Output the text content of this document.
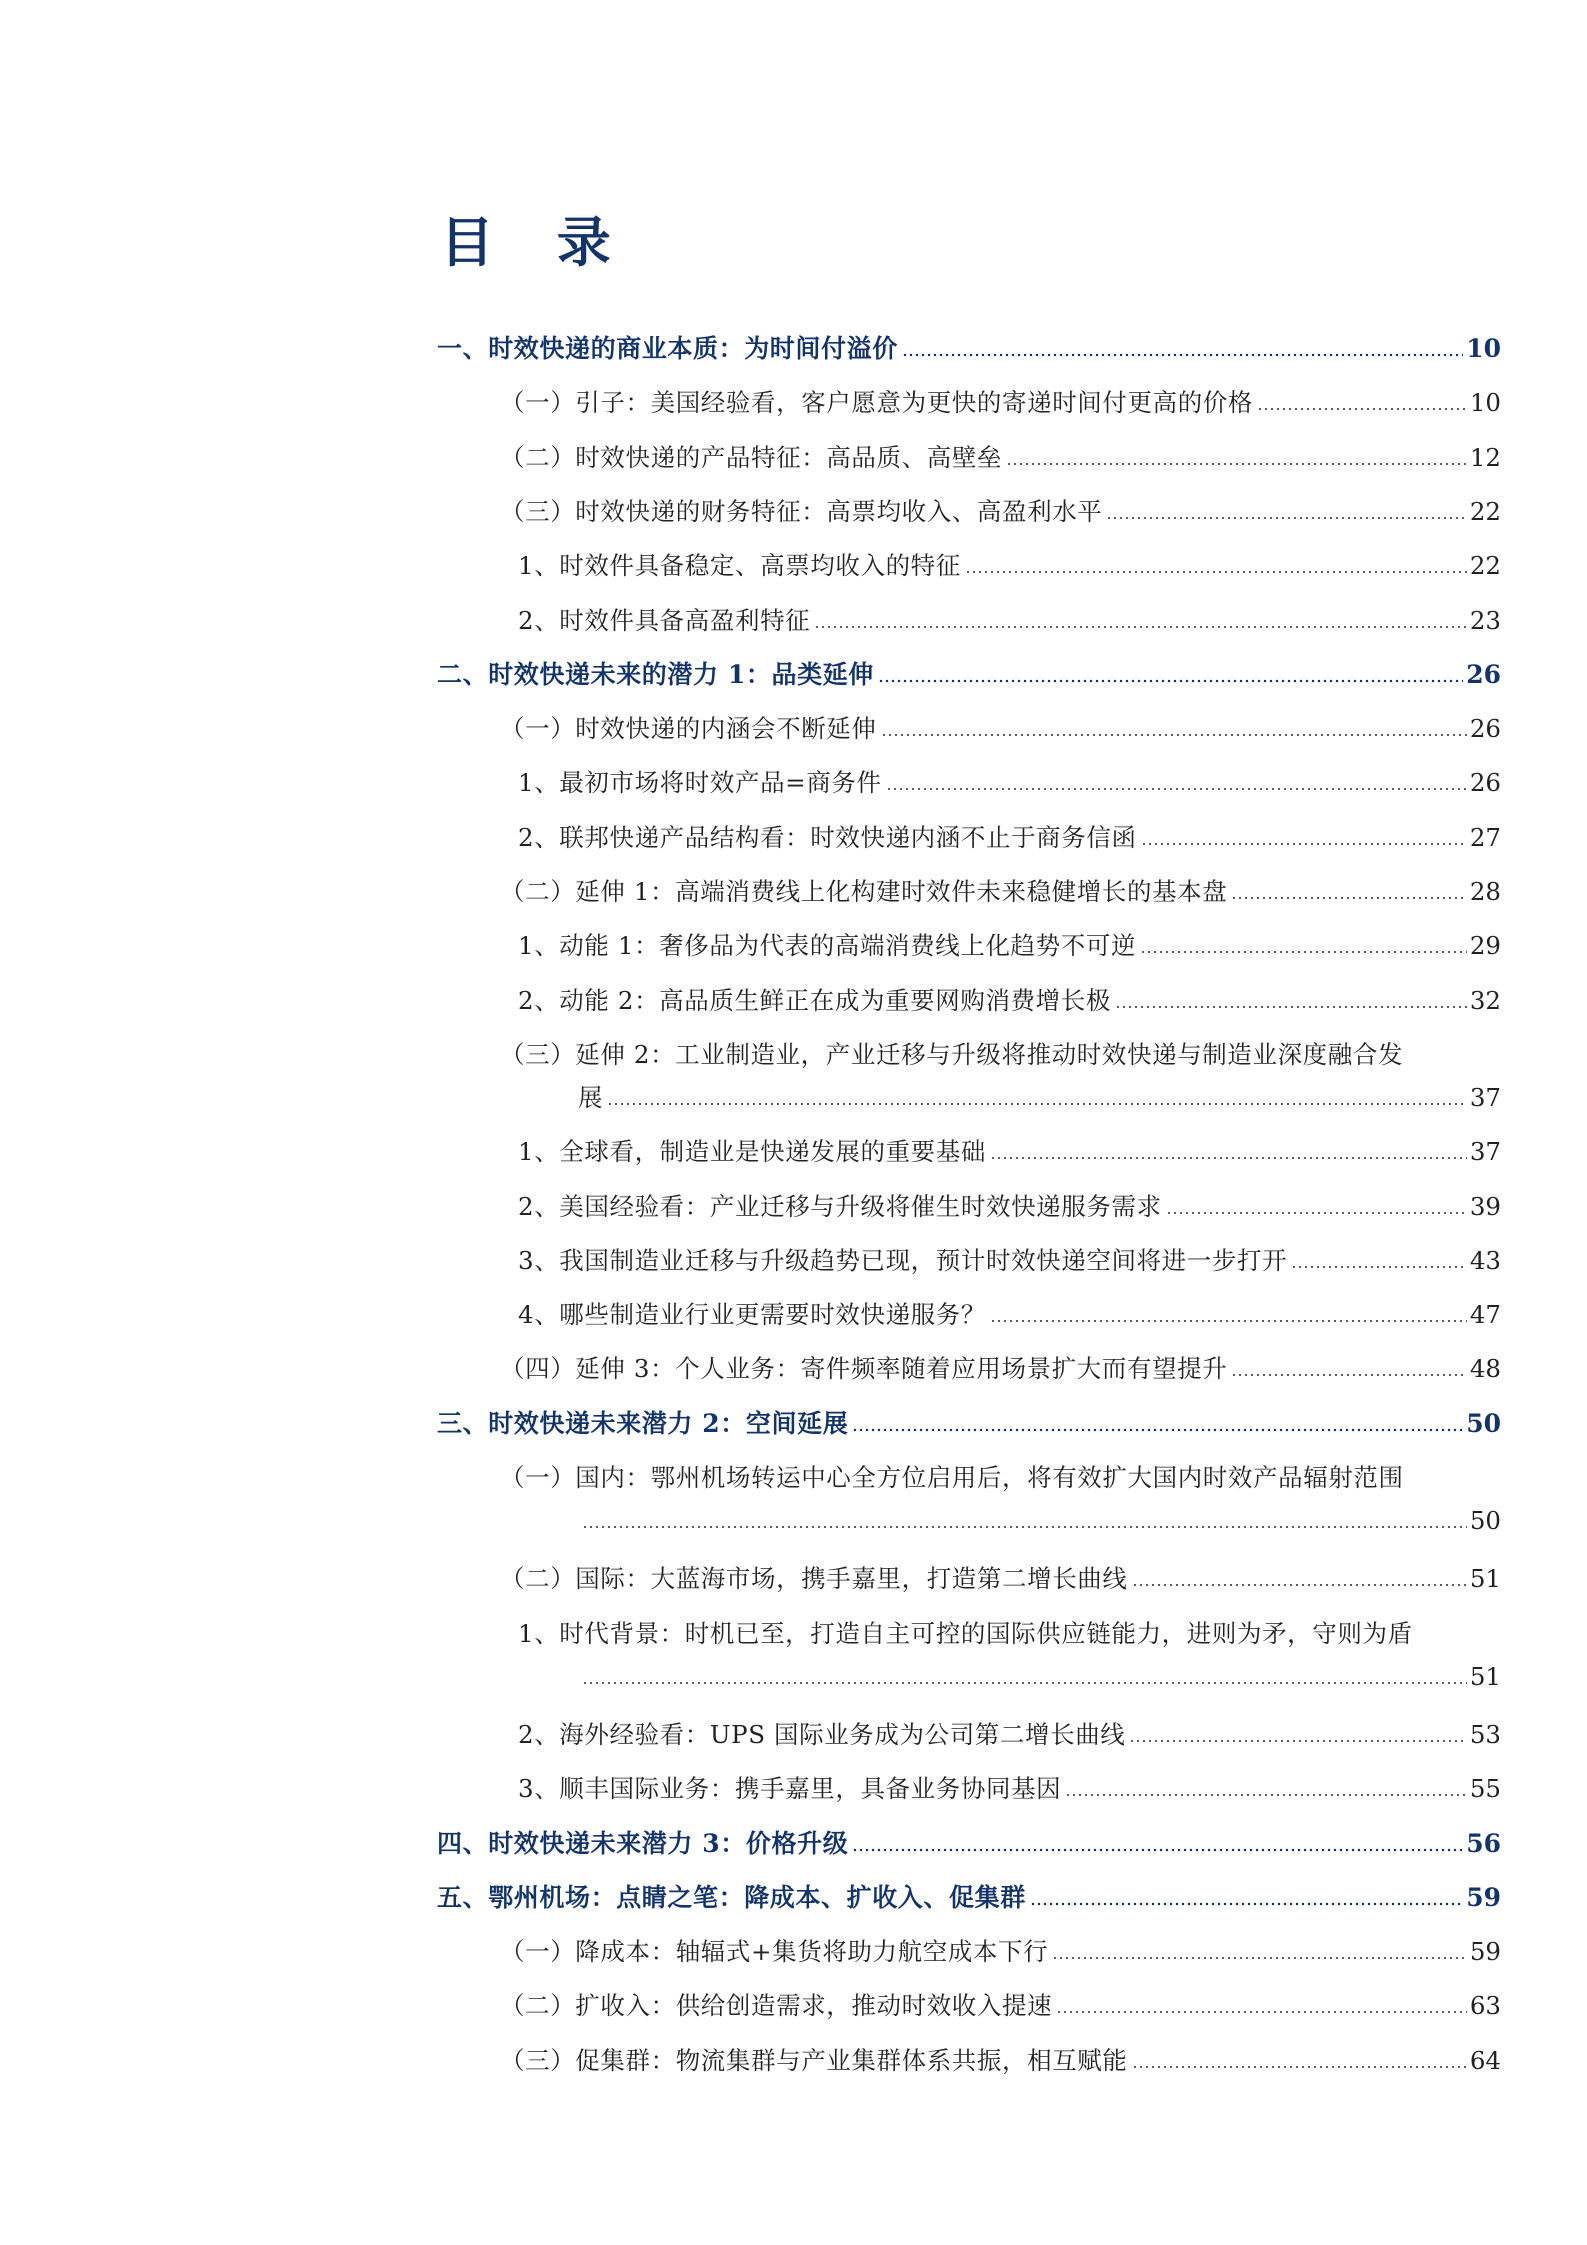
目 录
一、时效快递的商业本质：为时间付溢价	10
（一）引子：美国经验看，客户愿意为更快的寄递时间付更高的价格	10
（二）时效快递的产品特征：高品质、高壁垒	12
（三）时效快递的财务特征：高票均收入、高盈利水平	22
1、时效件具备稳定、高票均收入的特征	22
2、时效件具备高盈利特征	23
二、时效快递未来的潜力 1：品类延伸	26
（一）时效快递的内涵会不断延伸	26
1、最初市场将时效产品=商务件	26
2、联邦快递产品结构看：时效快递内涵不止于商务信函	27
（二）延伸 1：高端消费线上化构建时效件未来稳健增长的基本盘	28
1、动能 1：奢侈品为代表的高端消费线上化趋势不可逆	29
2、动能 2：高品质生鲜正在成为重要网购消费增长极	32
（三）延伸 2：工业制造业，产业迁移与升级将推动时效快递与制造业深度融合发
展	37
1、全球看，制造业是快递发展的重要基础	37
2、美国经验看：产业迁移与升级将催生时效快递服务需求	39
3、我国制造业迁移与升级趋势已现，预计时效快递空间将进一步打开	43
4、哪些制造业行业更需要时效快递服务？	47
（四）延伸 3：个人业务：寄件频率随着应用场景扩大而有望提升	48
三、时效快递未来潜力 2：空间延展	50
（一）国内：鄂州机场转运中心全方位启用后，将有效扩大国内时效产品辐射范围
50
（二）国际：大蓝海市场，携手嘉里，打造第二增长曲线	51
1、时代背景：时机已至，打造自主可控的国际供应链能力，进则为矛，守则为盾
51
2、海外经验看：UPS 国际业务成为公司第二增长曲线	53
3、顺丰国际业务：携手嘉里，具备业务协同基因	55
四、时效快递未来潜力 3：价格升级	56
五、鄂州机场：点睛之笔：降成本、扩收入、促集群	59
（一）降成本：轴辐式+集货将助力航空成本下行	59
（二）扩收入：供给创造需求，推动时效收入提速	63
（三）促集群：物流集群与产业集群体系共振，相互赋能	64
